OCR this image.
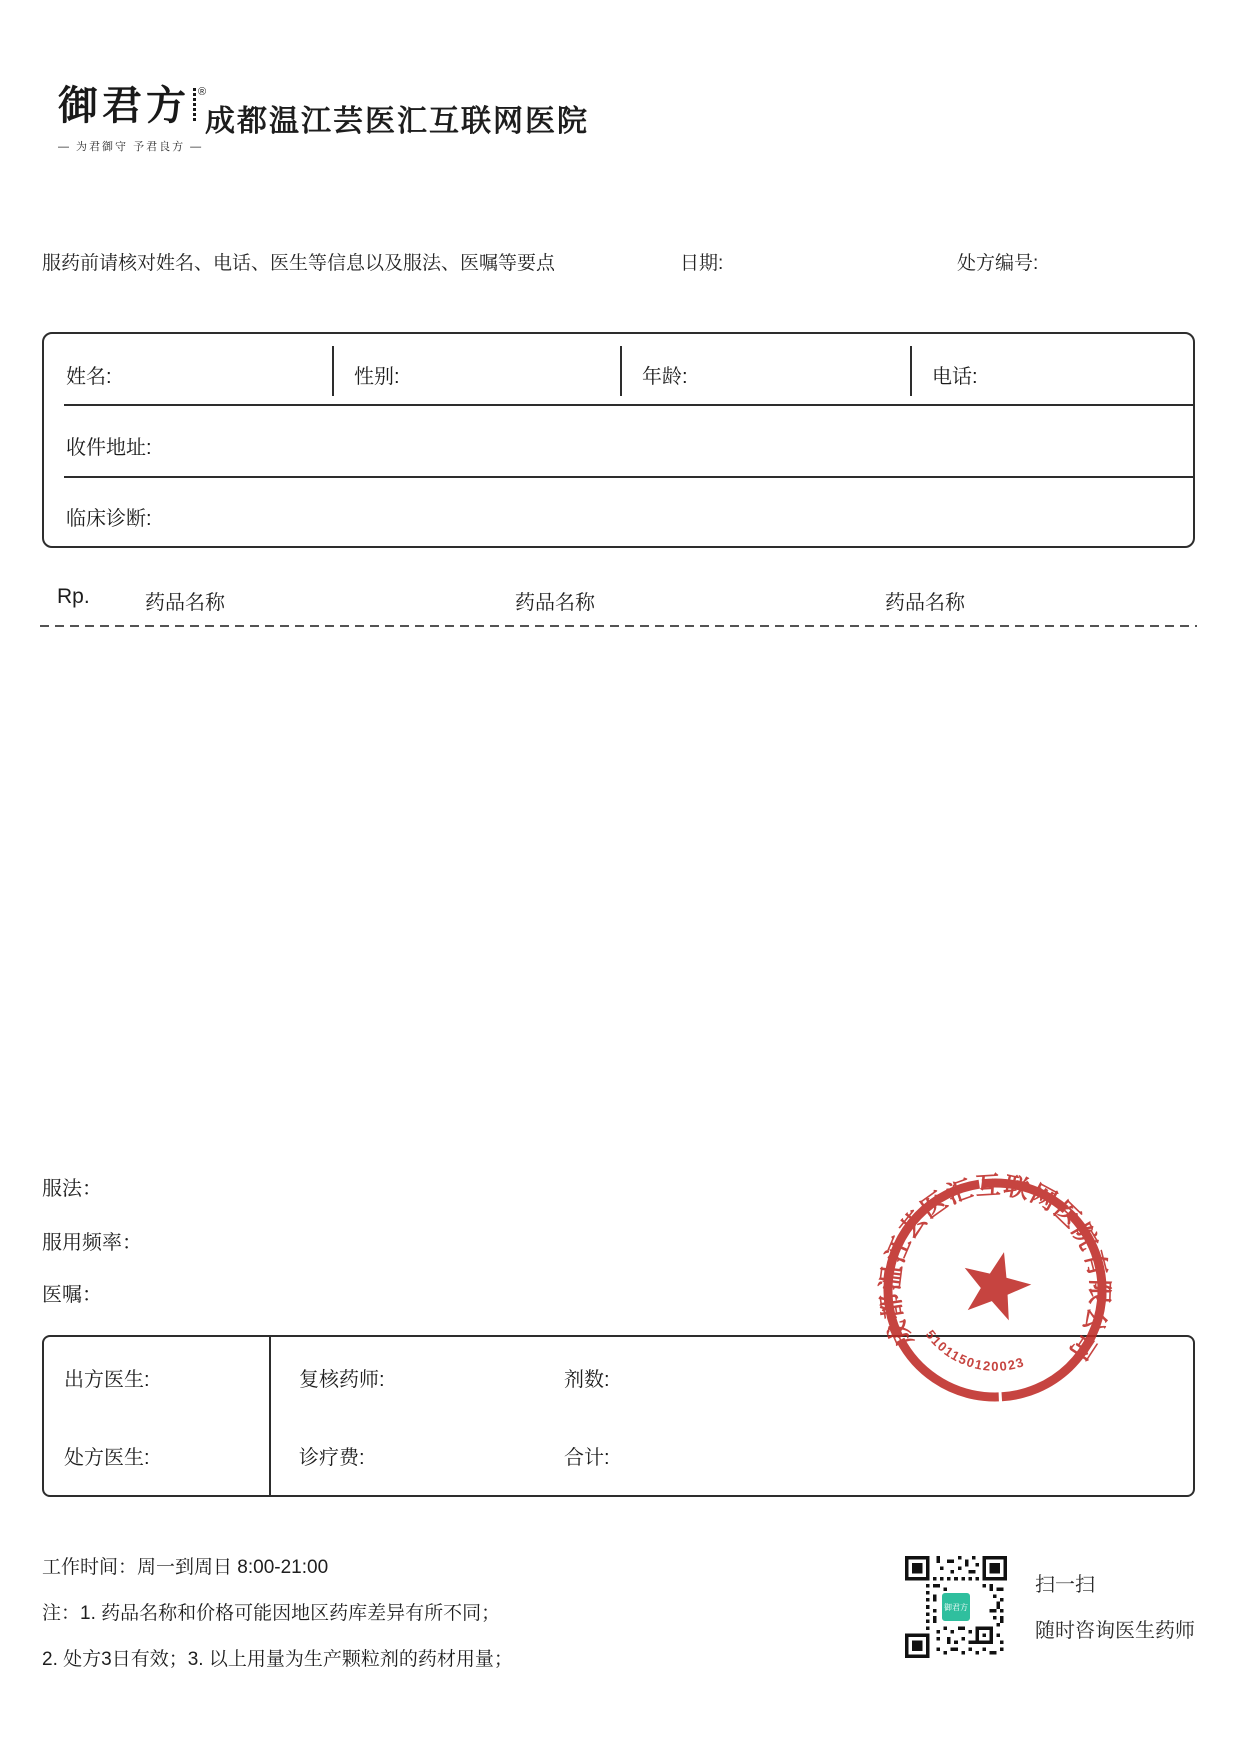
御君方 ®
— 为君御守 予君良方 —
成都温江芸医汇互联网医院
服药前请核对姓名、电话、医生等信息以及服法、医嘱等要点	日期:	处方编号:
姓名:	性别:	年龄:	电话:
收件地址:
临床诊断:
Rp.	药品名称	药品名称	药品名称
服法：
服用频率：
医嘱：
成都温江芸医汇互联网医院有限公司
5101150120023
出方医生:	复核药师:	剂数:
处方医生:	诊疗费:	合计:
工作时间：周一到周日 8:00-21:00
注：1. 药品名称和价格可能因地区药库差异有所不同；
2. 处方3日有效；3. 以上用量为生产颗粒剂的药材用量；
御君方
扫一扫
随时咨询医生药师
